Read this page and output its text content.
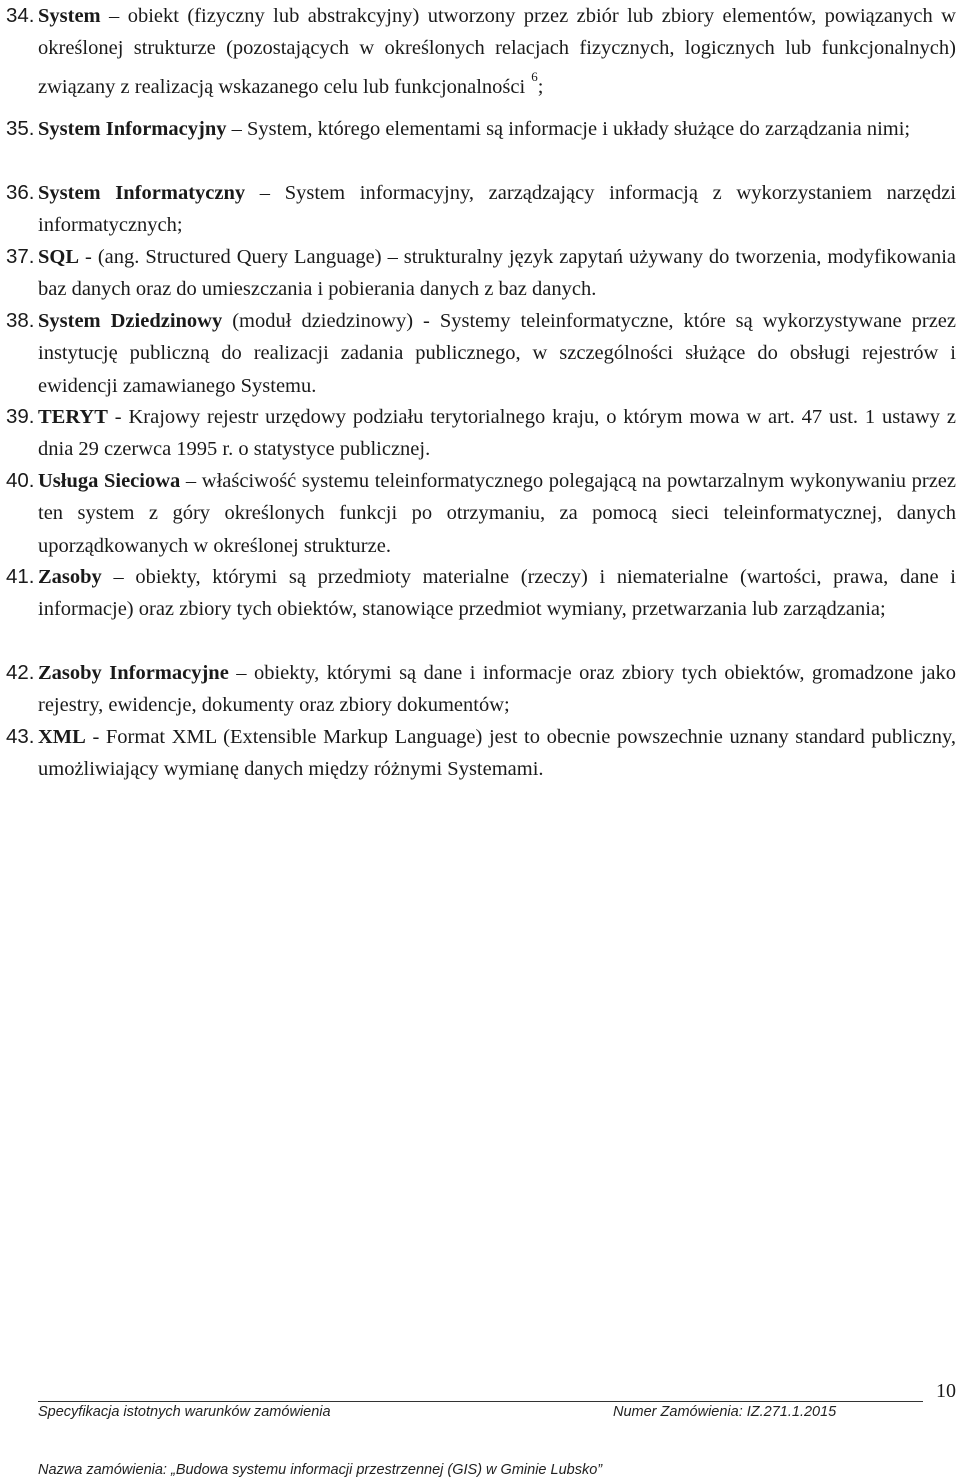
34. System – obiekt (fizyczny lub abstrakcyjny) utworzony przez zbiór lub zbiory elementów, powiązanych w określonej strukturze (pozostających w określonych relacjach fizycznych, logicznych lub funkcjonalnych) związany z realizacją wskazanego celu lub funkcjonalności $^6$;
35. System Informacyjny – System, którego elementami są informacje i układy służące do zarządzania nimi;
36. System Informatyczny – System informacyjny, zarządzający informacją z wykorzystaniem narzędzi informatycznych;
37. SQL - (ang. Structured Query Language) – strukturalny język zapytań używany do tworzenia, modyfikowania baz danych oraz do umieszczania i pobierania danych z baz danych.
38. System Dziedzinowy (moduł dziedzinowy) - Systemy teleinformatyczne, które są wykorzystywane przez instytucję publiczną do realizacji zadania publicznego, w szczególności służące do obsługi rejestrów i ewidencji zamawianego Systemu.
39. TERYT - Krajowy rejestr urzędowy podziału terytorialnego kraju, o którym mowa w art. 47 ust. 1 ustawy z dnia 29 czerwca 1995 r. o statystyce publicznej.
40. Usługa Sieciowa – właściwość systemu teleinformatycznego polegającą na powtarzalnym wykonywaniu przez ten system z góry określonych funkcji po otrzymaniu, za pomocą sieci teleinformatycznej, danych uporządkowanych w określonej strukturze.
41. Zasoby – obiekty, którymi są przedmioty materialne (rzeczy) i niematerialne (wartości, prawa, dane i informacje) oraz zbiory tych obiektów, stanowiące przedmiot wymiany, przetwarzania lub zarządzania;
42. Zasoby Informacyjne – obiekty, którymi są dane i informacje oraz zbiory tych obiektów, gromadzone jako rejestry, ewidencje, dokumenty oraz zbiory dokumentów;
43. XML - Format XML (Extensible Markup Language) jest to obecnie powszechnie uznany standard publiczny, umożliwiający wymianę danych między różnymi Systemami.
10
Specyfikacja istotnych warunków zamówienia	Numer Zamówienia: IZ.271.1.2015
Nazwa zamówienia: „Budowa systemu informacji przestrzennej (GIS) w Gminie Lubsko”
